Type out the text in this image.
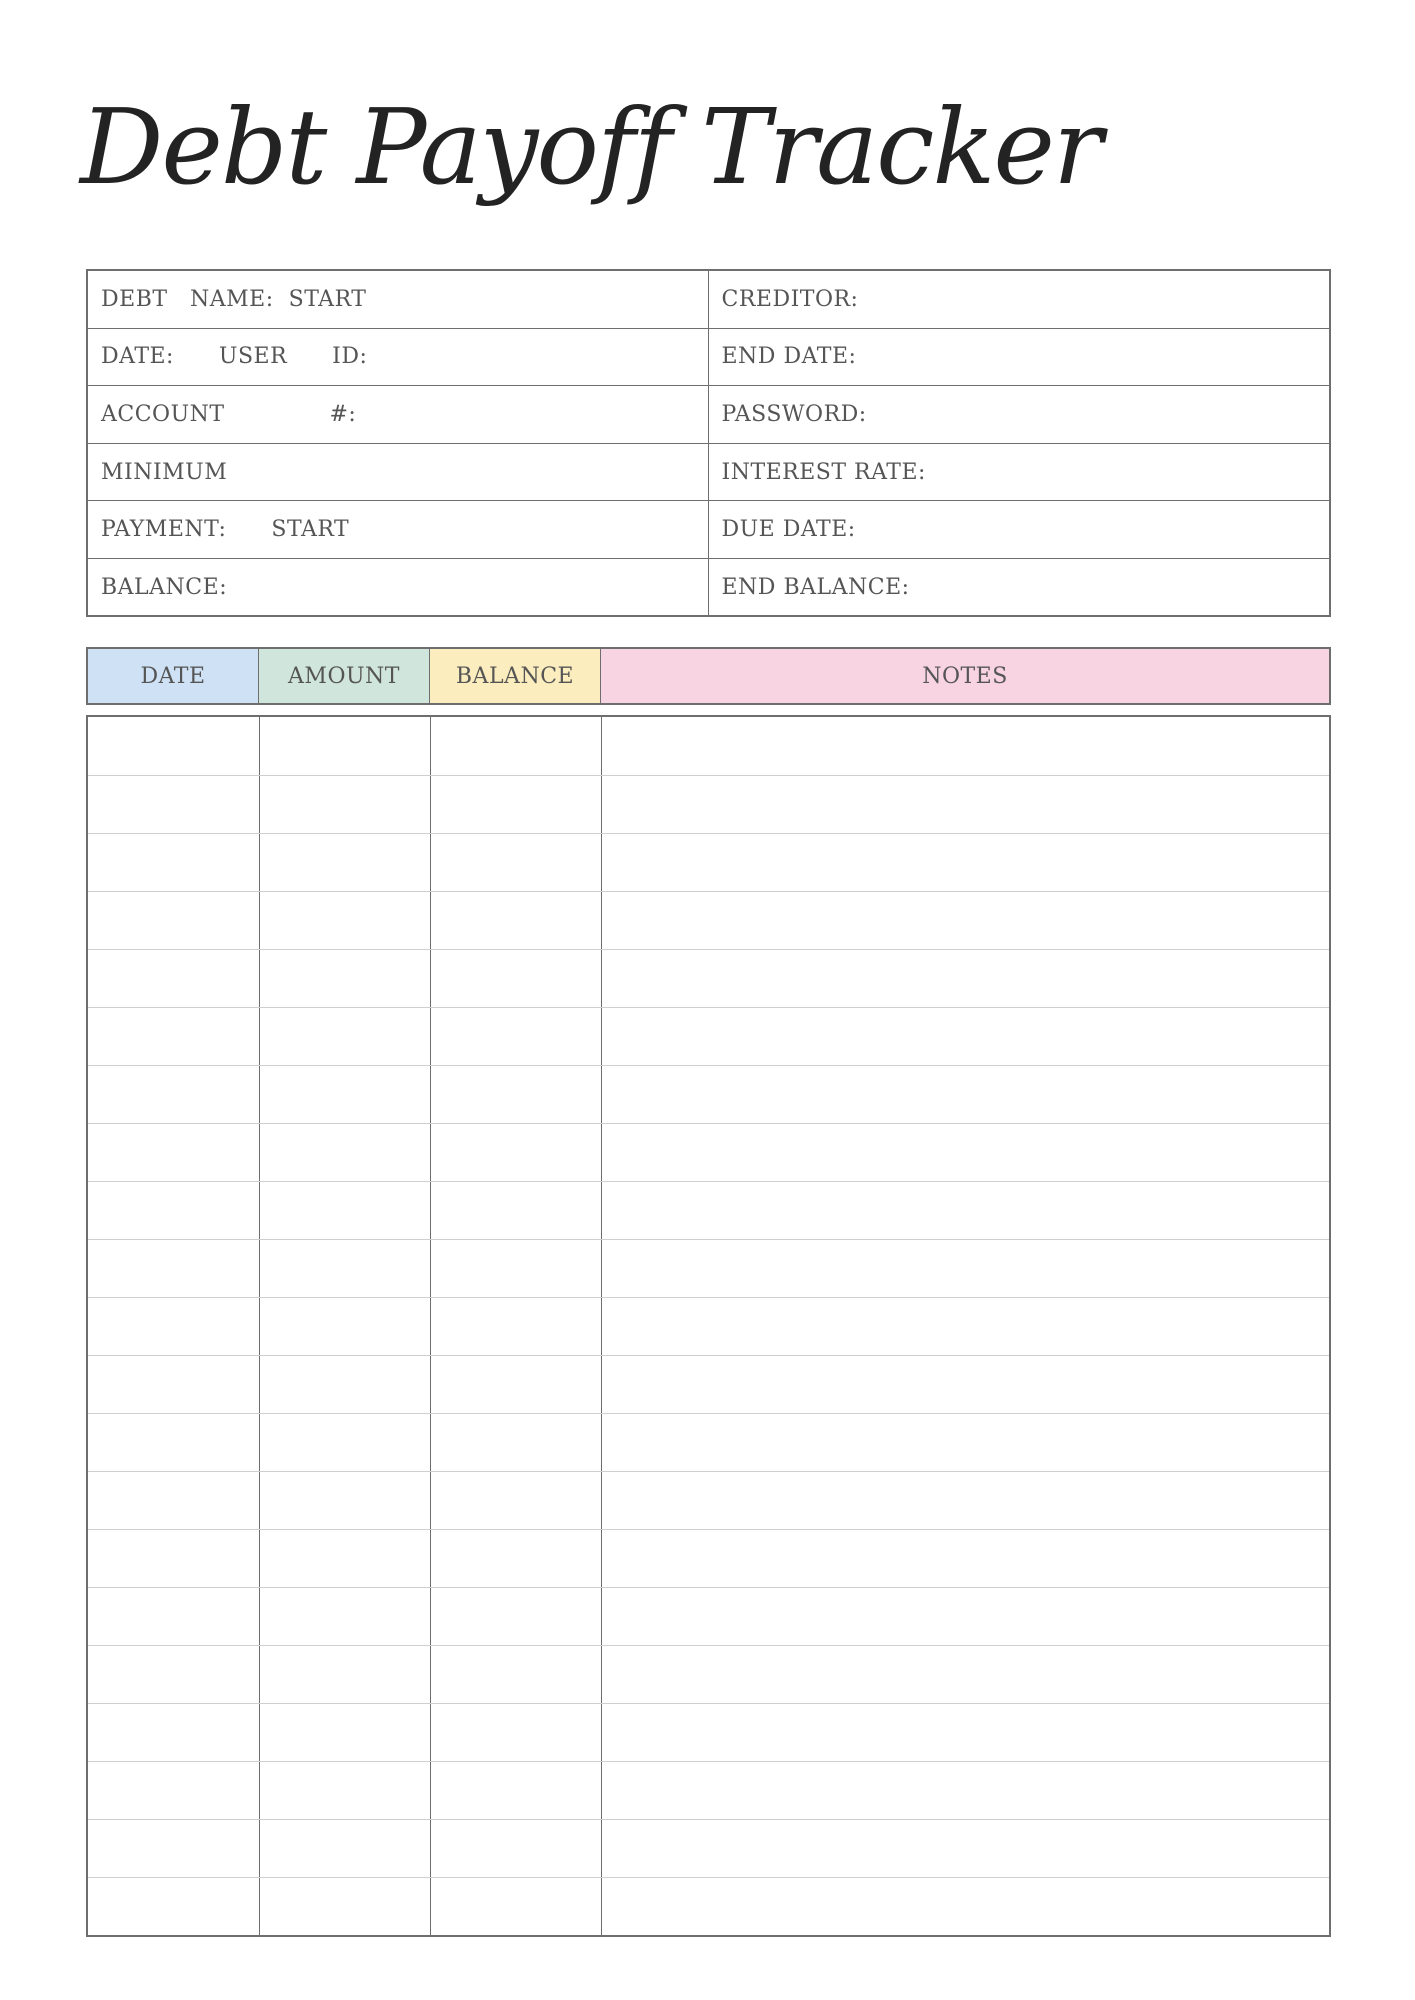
Debt Payoff Tracker
DEBT   NAME:  START	CREDITOR:
DATE:      USER      ID:	END DATE:
ACCOUNT              #:	PASSWORD:
MINIMUM	INTEREST RATE:
PAYMENT:      START	DUE DATE:
BALANCE:	END BALANCE:
DATE	AMOUNT	BALANCE	NOTES
